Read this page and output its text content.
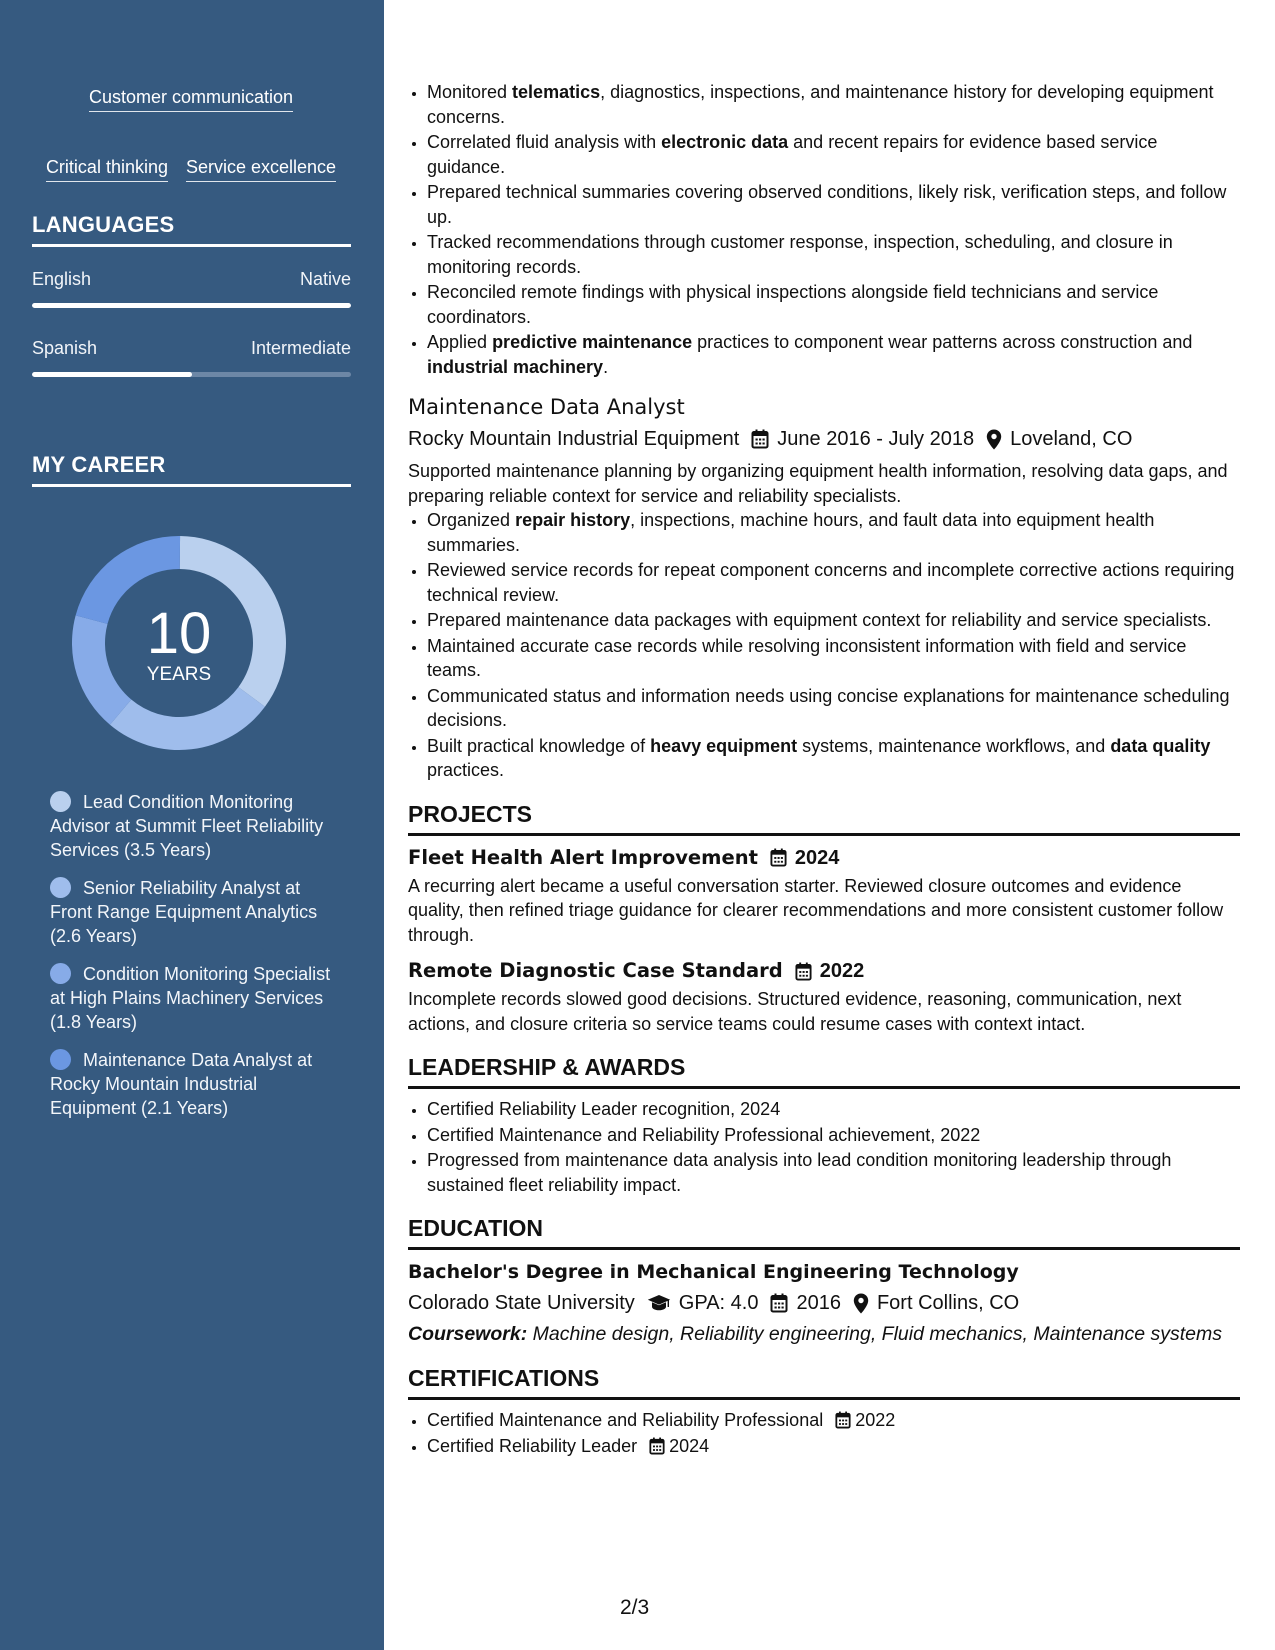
Customer communication
Critical thinking Service excellence
LANGUAGES
English	Native
Spanish	Intermediate
MY CAREER
10
YEARS
Lead Condition Monitoring Advisor at Summit Fleet Reliability Services (3.5 Years)
Senior Reliability Analyst at Front Range Equipment Analytics (2.6 Years)
Condition Monitoring Specialist at High Plains Machinery Services (1.8 Years)
Maintenance Data Analyst at Rocky Mountain Industrial Equipment (2.1 Years)
• Monitored telematics, diagnostics, inspections, and maintenance history for developing equipment concerns.
• Correlated fluid analysis with electronic data and recent repairs for evidence based service guidance.
• Prepared technical summaries covering observed conditions, likely risk, verification steps, and follow up.
• Tracked recommendations through customer response, inspection, scheduling, and closure in monitoring records.
• Reconciled remote findings with physical inspections alongside field technicians and service coordinators.
• Applied predictive maintenance practices to component wear patterns across construction and industrial machinery.
Maintenance Data Analyst
Rocky Mountain Industrial Equipment June 2016 - July 2018 Loveland, CO
Supported maintenance planning by organizing equipment health information, resolving data gaps, and preparing reliable context for service and reliability specialists.
• Organized repair history, inspections, machine hours, and fault data into equipment health summaries.
• Reviewed service records for repeat component concerns and incomplete corrective actions requiring technical review.
• Prepared maintenance data packages with equipment context for reliability and service specialists.
• Maintained accurate case records while resolving inconsistent information with field and service teams.
• Communicated status and information needs using concise explanations for maintenance scheduling decisions.
• Built practical knowledge of heavy equipment systems, maintenance workflows, and data quality practices.
PROJECTS
Fleet Health Alert Improvement 2024
A recurring alert became a useful conversation starter. Reviewed closure outcomes and evidence quality, then refined triage guidance for clearer recommendations and more consistent customer follow through.
Remote Diagnostic Case Standard 2022
Incomplete records slowed good decisions. Structured evidence, reasoning, communication, next actions, and closure criteria so service teams could resume cases with context intact.
LEADERSHIP & AWARDS
• Certified Reliability Leader recognition, 2024
• Certified Maintenance and Reliability Professional achievement, 2022
• Progressed from maintenance data analysis into lead condition monitoring leadership through sustained fleet reliability impact.
EDUCATION
Bachelor's Degree in Mechanical Engineering Technology
Colorado State University GPA: 4.0 2016 Fort Collins, CO
Coursework: Machine design, Reliability engineering, Fluid mechanics, Maintenance systems
CERTIFICATIONS
• Certified Maintenance and Reliability Professional 2022
• Certified Reliability Leader 2024
2/3
